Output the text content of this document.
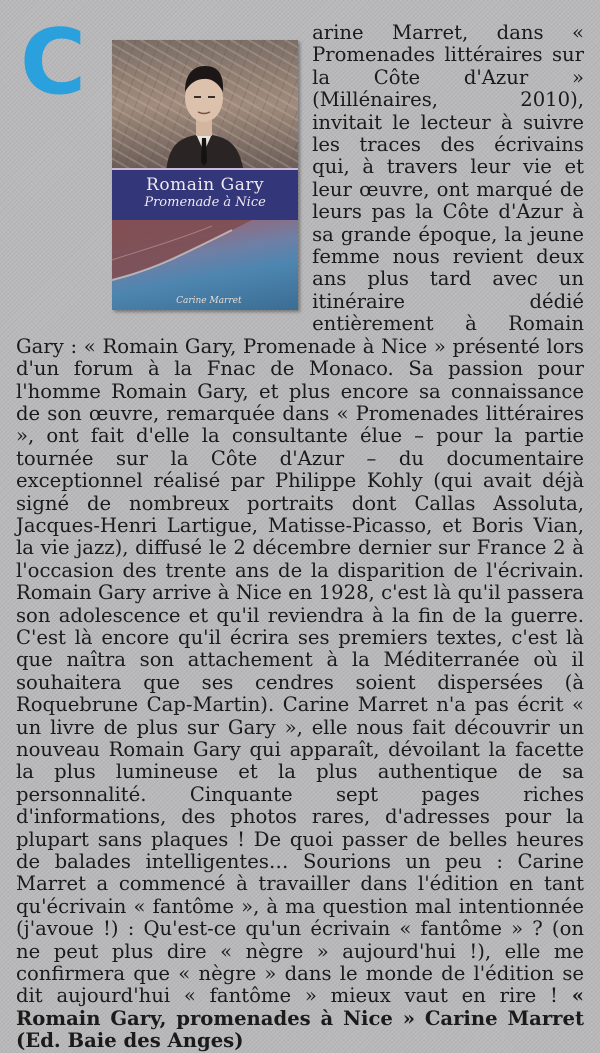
C
Romain Gary
Promenade à Nice
Carine Marret
arine Marret, dans « Promenades littéraires sur la Côte d'Azur » (Millénaires, 2010), invitait le lecteur à suivre les traces des écrivains qui, à travers leur vie et leur œuvre, ont marqué de leurs pas la Côte d'Azur à sa grande époque, la jeune femme nous revient deux ans plus tard avec un itinéraire dédié entièrement à Romain Gary : « Romain Gary, Promenade à Nice » présenté lors d'un forum à la Fnac de Monaco. Sa passion pour l'homme Romain Gary, et plus encore sa connaissance de son œuvre, remarquée dans « Promenades littéraires », ont fait d'elle la consultante élue – pour la partie tournée sur la Côte d'Azur – du documentaire exceptionnel réalisé par Philippe Kohly (qui avait déjà signé de nombreux portraits dont Callas Assoluta, Jacques-Henri Lartigue, Matisse-Picasso, et Boris Vian, la vie jazz), diffusé le 2 décembre dernier sur France 2 à l'occasion des trente ans de la disparition de l'écrivain. Romain Gary arrive à Nice en 1928, c'est là qu'il passera son adolescence et qu'il reviendra à la fin de la guerre. C'est là encore qu'il écrira ses premiers textes, c'est là que naîtra son attachement à la Méditerranée où il souhaitera que ses cendres soient dispersées (à Roquebrune Cap-Martin). Carine Marret n'a pas écrit « un livre de plus sur Gary », elle nous fait découvrir un nouveau Romain Gary qui apparaît, dévoilant la facette la plus lumineuse et la plus authentique de sa personnalité. Cinquante sept pages riches d'informations, des photos rares, d'adresses pour la plupart sans plaques ! De quoi passer de belles heures de balades intelligentes… Sourions un peu : Carine Marret a commencé à travailler dans l'édition en tant qu'écrivain « fantôme », à ma question mal intentionnée (j'avoue !) : Qu'est-ce qu'un écrivain « fantôme » ? (on ne peut plus dire « nègre » aujourd'hui !), elle me confirmera que « nègre » dans le monde de l'édition se dit aujourd'hui « fantôme » mieux vaut en rire ! « Romain Gary, promenades à Nice » Carine Marret (Ed. Baie des Anges)
